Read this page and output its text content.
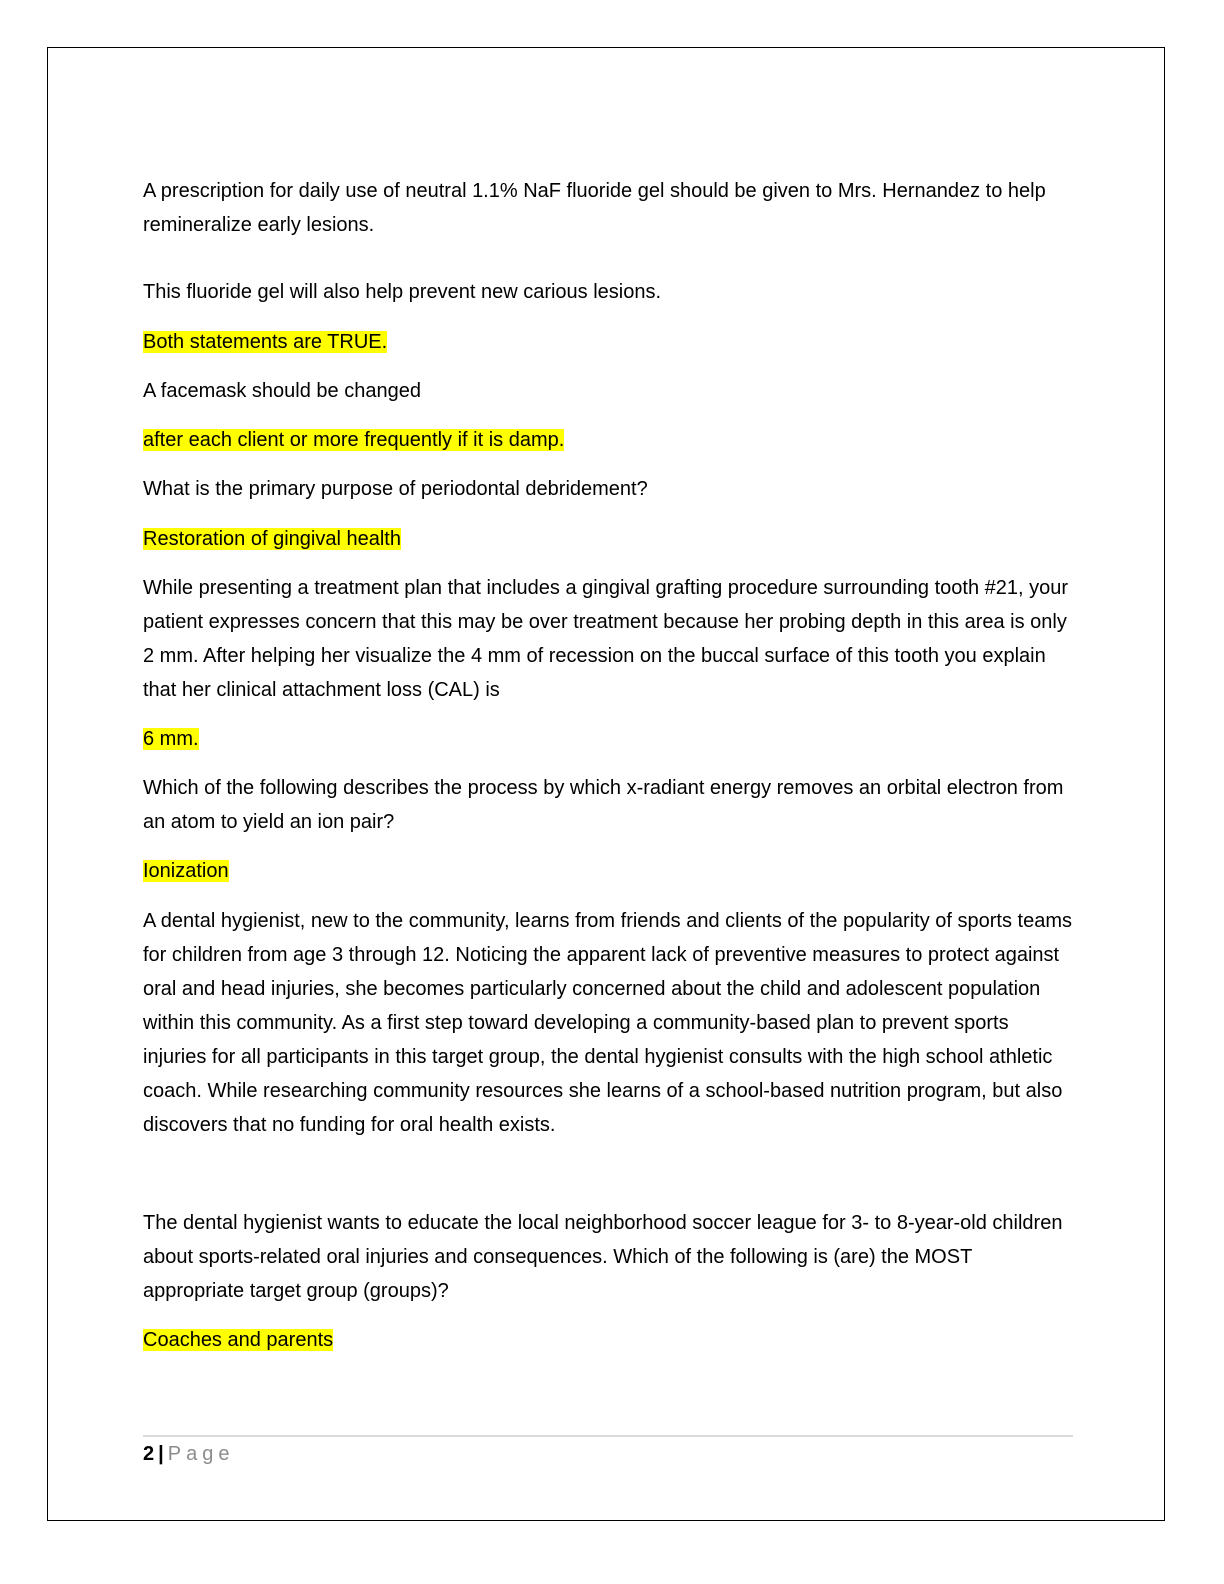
A prescription for daily use of neutral 1.1% NaF fluoride gel should be given to Mrs. Hernandez to help remineralize early lesions.
This fluoride gel will also help prevent new carious lesions.
Both statements are TRUE.
A facemask should be changed
after each client or more frequently if it is damp.
What is the primary purpose of periodontal debridement?
Restoration of gingival health
While presenting a treatment plan that includes a gingival grafting procedure surrounding tooth #21, your patient expresses concern that this may be over treatment because her probing depth in this area is only 2 mm. After helping her visualize the 4 mm of recession on the buccal surface of this tooth you explain that her clinical attachment loss (CAL) is
6 mm.
Which of the following describes the process by which x-radiant energy removes an orbital electron from an atom to yield an ion pair?
Ionization
A dental hygienist, new to the community, learns from friends and clients of the popularity of sports teams for children from age 3 through 12. Noticing the apparent lack of preventive measures to protect against oral and head injuries, she becomes particularly concerned about the child and adolescent population within this community. As a first step toward developing a community-based plan to prevent sports injuries for all participants in this target group, the dental hygienist consults with the high school athletic coach. While researching community resources she learns of a school-based nutrition program, but also discovers that no funding for oral health exists.
The dental hygienist wants to educate the local neighborhood soccer league for 3- to 8-year-old children about sports-related oral injuries and consequences. Which of the following is (are) the MOST appropriate target group (groups)?
Coaches and parents
2 | Page
